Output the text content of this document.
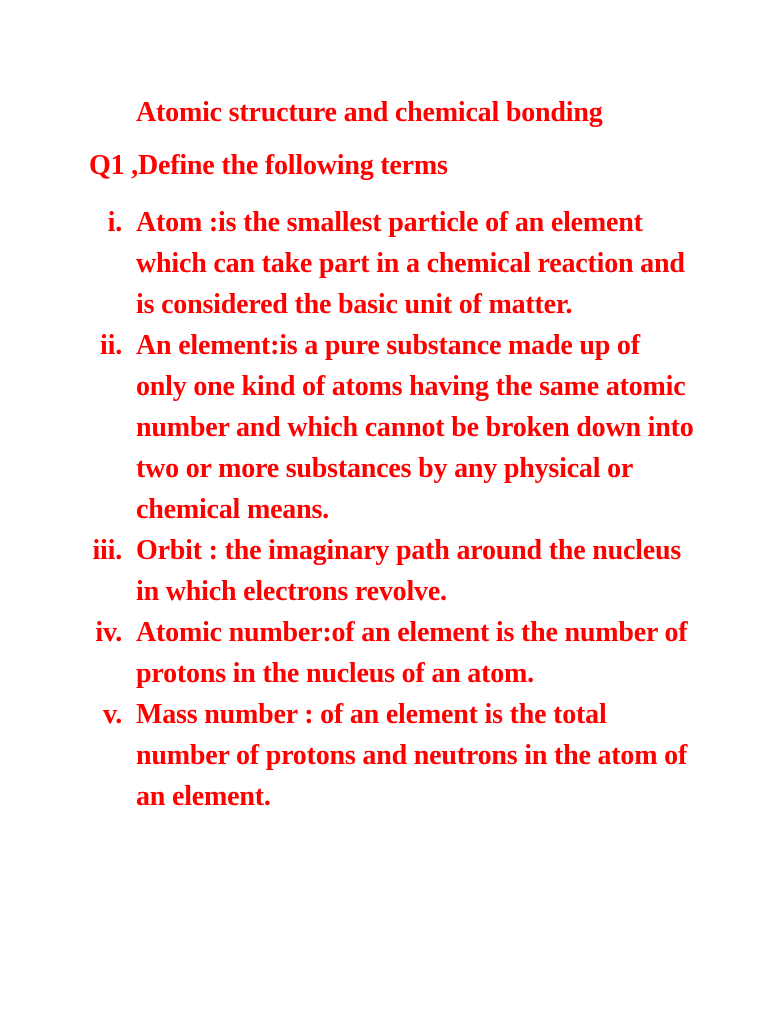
Atomic structure and chemical bonding
Q1 ,Define the following terms
i. Atom :is the smallest particle of an element which can take part in a chemical reaction and is considered the basic unit of matter.
ii. An element:is a pure substance made up of only one kind of atoms having the same atomic number and which cannot be broken down into two or more substances by any physical or chemical means.
iii. Orbit : the imaginary path around the nucleus in which electrons revolve.
iv. Atomic number:of an element is the number of protons in the nucleus of an atom.
v. Mass number : of an element is the total number of protons and neutrons in the atom of an element.
